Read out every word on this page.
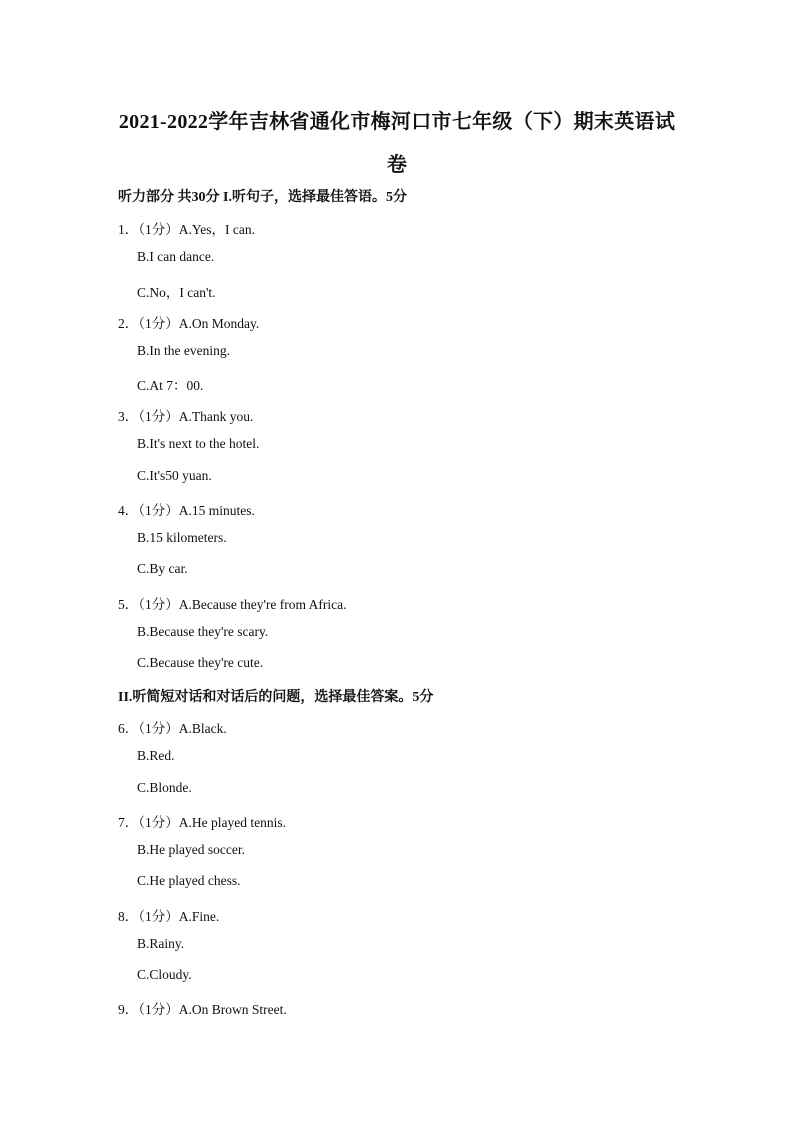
2021-2022学年吉林省通化市梅河口市七年级（下）期末英语试
卷
听力部分 共30分 I.听句子，选择最佳答语。5分
1．（1分）A.Yes，I can.
B.I can dance.
C.No，I can't.
2．（1分）A.On Monday.
B.In the evening.
C.At 7：00.
3．（1分）A.Thank you.
B.It's next to the hotel.
C.It's50 yuan.
4．（1分）A.15 minutes.
B.15 kilometers.
C.By car.
5．（1分）A.Because they're from Africa.
B.Because they're scary.
C.Because they're cute.
II.听简短对话和对话后的问题，选择最佳答案。5分
6．（1分）A.Black.
B.Red.
C.Blonde.
7．（1分）A.He played tennis.
B.He played soccer.
C.He played chess.
8．（1分）A.Fine.
B.Rainy.
C.Cloudy.
9．（1分）A.On Brown Street.
